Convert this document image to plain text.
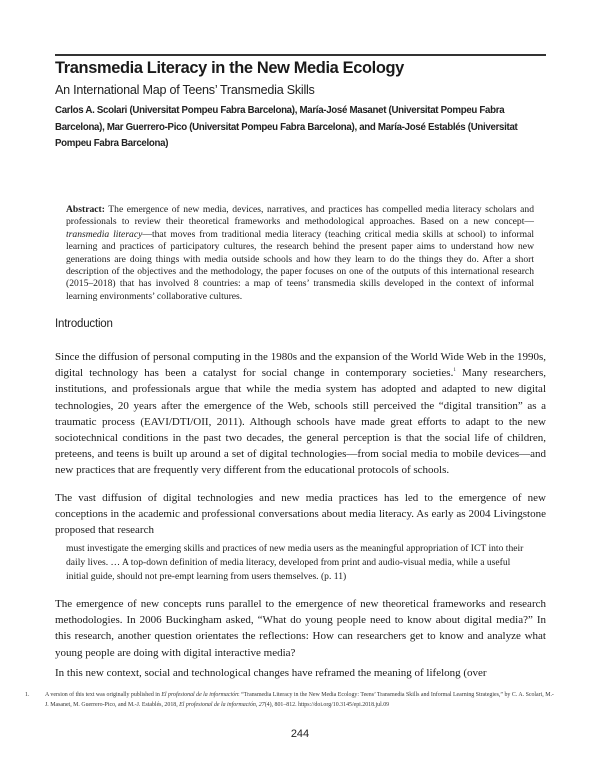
Transmedia Literacy in the New Media Ecology
An International Map of Teens’ Transmedia Skills
Carlos A. Scolari (Universitat Pompeu Fabra Barcelona), María-José Masanet (Universitat Pompeu Fabra Barcelona), Mar Guerrero-Pico (Universitat Pompeu Fabra Barcelona), and María-José Establés (Universitat Pompeu Fabra Barcelona)
Abstract: The emergence of new media, devices, narratives, and practices has compelled media literacy scholars and professionals to review their theoretical frameworks and methodological approaches. Based on a new concept—transmedia literacy—that moves from traditional media literacy (teaching critical media skills at school) to informal learning and practices of participatory cultures, the research behind the present paper aims to understand how new generations are doing things with media outside schools and how they learn to do the things they do. After a short description of the objectives and the methodology, the paper focuses on one of the outputs of this international research (2015–2018) that has involved 8 countries: a map of teens’ transmedia skills developed in the context of informal learning environments’ collaborative cultures.
Introduction
Since the diffusion of personal computing in the 1980s and the expansion of the World Wide Web in the 1990s, digital technology has been a catalyst for social change in contemporary societies.$^1$ Many researchers, institutions, and professionals argue that while the media system has adopted and adapted to new digital technologies, 20 years after the emergence of the Web, schools still perceived the “digital transition” as a traumatic process (EAVI/DTI/OII, 2011). Although schools have made great efforts to adapt to the new sociotechnical conditions in the past two decades, the general perception is that the social life of children, preteens, and teens is built up around a set of digital technologies—from social media to mobile devices—and new practices that are frequently very different from the educational protocols of schools.
The vast diffusion of digital technologies and new media practices has led to the emergence of new conceptions in the academic and professional conversations about media literacy. As early as 2004 Livingstone proposed that research
must investigate the emerging skills and practices of new media users as the meaningful appropriation of ICT into their daily lives. … A top-down definition of media literacy, developed from print and audio-visual media, while a useful initial guide, should not pre-empt learning from users themselves. (p. 11)
The emergence of new concepts runs parallel to the emergence of new theoretical frameworks and research methodologies. In 2006 Buckingham asked, “What do young people need to know about digital media?” In this research, another question orientates the reflections: How can researchers get to know and analyze what young people are doing with digital interactive media?
In this new context, social and technological changes have reframed the meaning of lifelong (over
1.	A version of this text was originally published in El profesional de la información: “Transmedia Literacy in the New Media Ecology: Teens’ Transmedia Skills and Informal Learning Strategies,” by C. A. Scolari, M.-J. Masanet, M. Guerrero-Pico, and M.-J. Establés, 2018, El profesional de la información, 27(4), 801–812. https://doi.org/10.3145/epi.2018.jul.09
244
